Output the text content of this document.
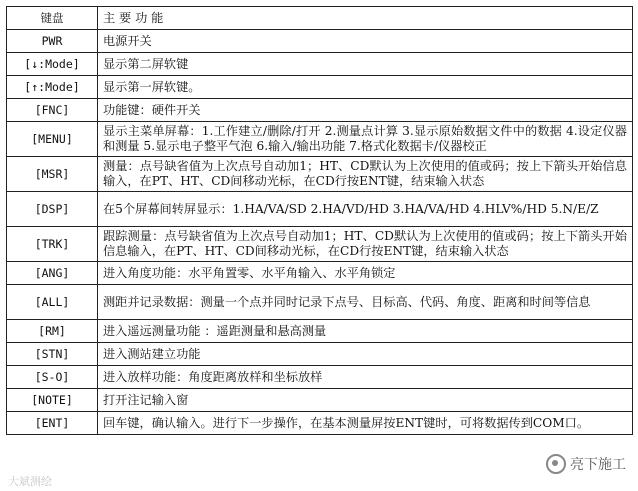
键盘	主 要 功 能
PWR	电源开关
[↓:Mode]	显示第二屏软键
[↑:Mode]	显示第一屏软键。
[FNC]	功能键：硬件开关
[MENU]	显示主菜单屏幕：1.工作建立/删除/打开 2.测量点计算 3.显示原始数据文件中的数据 4.设定仪器和测量 5.显示电子整平气泡 6.输入/输出功能 7.格式化数据卡/仪器校正
[MSR]	测量：点号缺省值为上次点号自动加1；HT、CD默认为上次使用的值或码；按上下箭头开始信息输入，在PT、HT、CD间移动光标，在CD行按ENT键，结束输入状态
[DSP]	在5个屏幕间转屏显示：1.HA/VA/SD 2.HA/VD/HD 3.HA/VA/HD 4.HLV%/HD 5.N/E/Z
[TRK]	跟踪测量：点号缺省值为上次点号自动加1；HT、CD默认为上次使用的值或码；按上下箭头开始信息输入，在PT、HT、CD间移动光标，在CD行按ENT键，结束输入状态
[ANG]	进入角度功能：水平角置零、水平角输入、水平角锁定
[ALL]	测距并记录数据：测量一个点并同时记录下点号、目标高、代码、角度、距离和时间等信息
[RM]	进入遥远测量功能 ：遥距测量和悬高测量
[STN]	进入测站建立功能
[S-O]	进入放样功能：角度距离放样和坐标放样
[NOTE]	打开注记输入窗
[ENT]	回车键，确认输入。进行下一步操作，在基本测量屏按ENT键时，可将数据传到COM口。
大斌测绘
亮下施工
